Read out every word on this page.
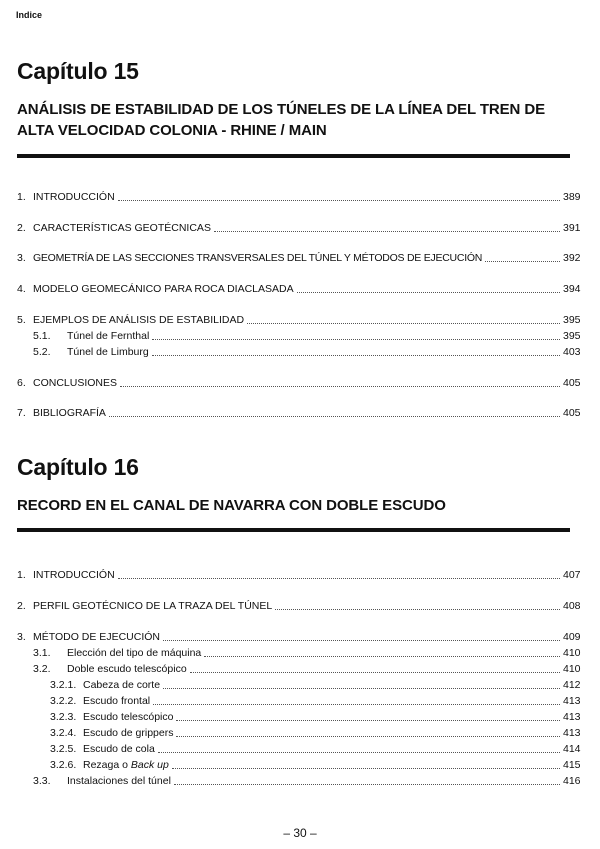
Indice
Capítulo 15
ANÁLISIS DE ESTABILIDAD DE LOS TÚNELES DE LA LÍNEA DEL TREN DE
ALTA VELOCIDAD COLONIA - RHINE / MAIN
1. INTRODUCCIÓN	389
2. CARACTERÍSTICAS GEOTÉCNICAS	391
3. GEOMETRÍA DE LAS SECCIONES TRANSVERSALES DEL TÚNEL Y MÉTODOS DE EJECUCIÓN	392
4. MODELO GEOMECÁNICO PARA ROCA DIACLASADA	394
5. EJEMPLOS DE ANÁLISIS DE ESTABILIDAD	395
5.1.	Túnel de Fernthal	395
5.2.	Túnel de Limburg	403
6. CONCLUSIONES	405
7. BIBLIOGRAFÍA	405
Capítulo 16
RECORD EN EL CANAL DE NAVARRA CON DOBLE ESCUDO
1. INTRODUCCIÓN	407
2. PERFIL GEOTÉCNICO DE LA TRAZA DEL TÚNEL	408
3. MÉTODO DE EJECUCIÓN	409
3.1.	Elección del tipo de máquina	410
3.2.	Doble escudo telescópico	410
3.2.1. Cabeza de corte	412
3.2.2. Escudo frontal	413
3.2.3. Escudo telescópico	413
3.2.4. Escudo de grippers	413
3.2.5. Escudo de cola	414
3.2.6. Rezaga o
Back up	415
3.3.	Instalaciones del túnel	416
– 30 –
